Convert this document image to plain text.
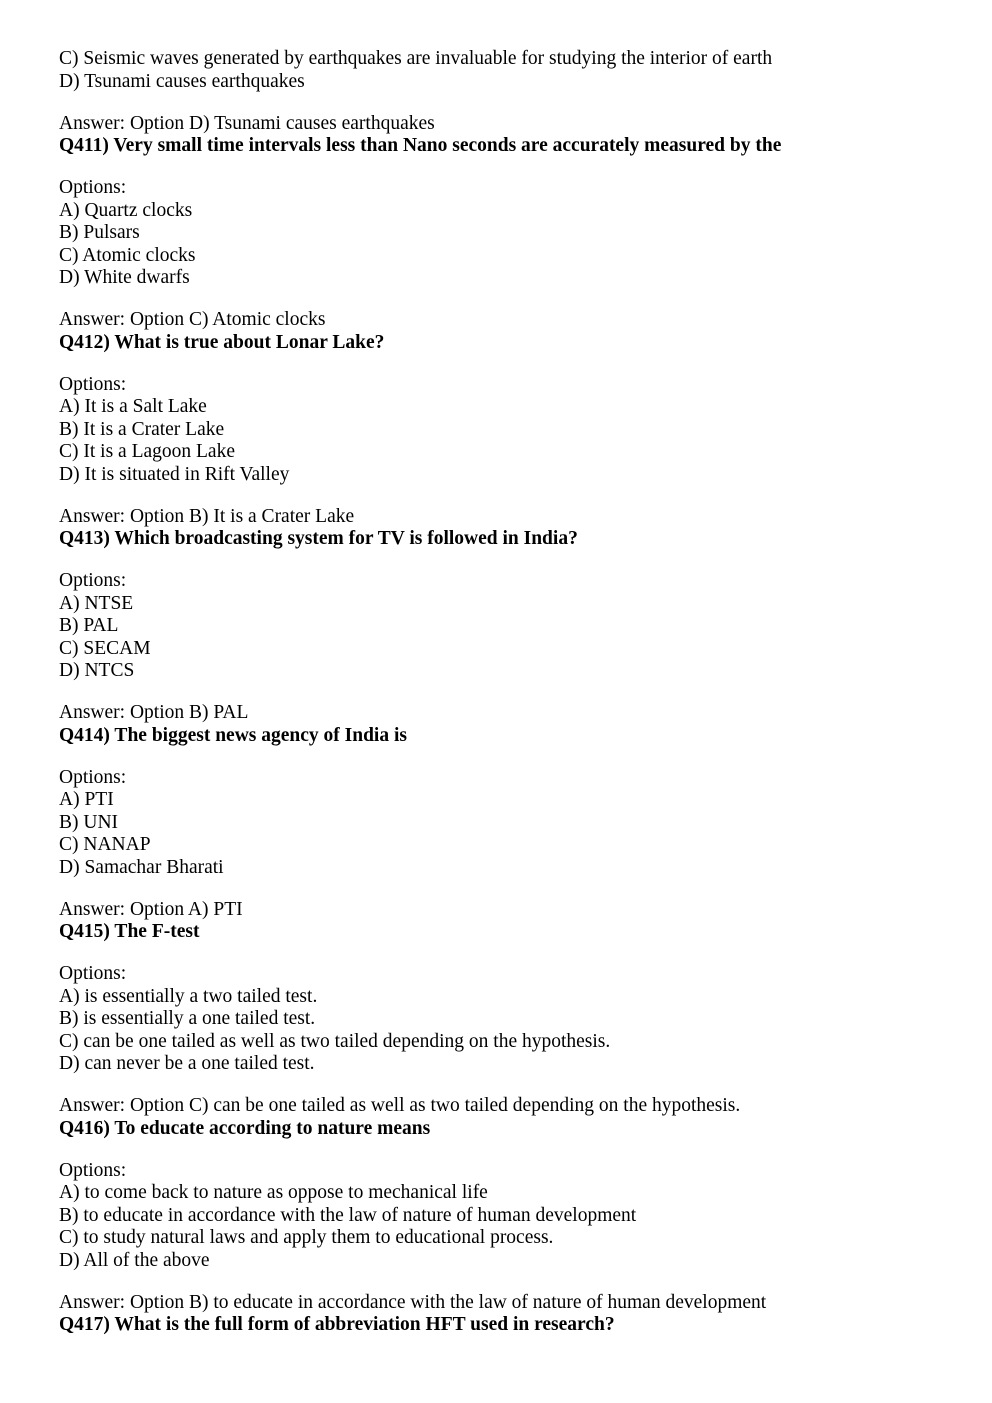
C) Seismic waves generated by earthquakes are invaluable for studying the interior of earth
D) Tsunami causes earthquakes
Answer: Option D) Tsunami causes earthquakes
Q411) Very small time intervals less than Nano seconds are accurately measured by the
Options:
A) Quartz clocks
B) Pulsars
C) Atomic clocks
D) White dwarfs
Answer: Option C) Atomic clocks
Q412) What is true about Lonar Lake?
Options:
A) It is a Salt Lake
B) It is a Crater Lake
C) It is a Lagoon Lake
D) It is situated in Rift Valley
Answer: Option B) It is a Crater Lake
Q413) Which broadcasting system for TV is followed in India?
Options:
A) NTSE
B) PAL
C) SECAM
D) NTCS
Answer: Option B) PAL
Q414) The biggest news agency of India is
Options:
A) PTI
B) UNI
C) NANAP
D) Samachar Bharati
Answer: Option A) PTI
Q415) The F-test
Options:
A) is essentially a two tailed test.
B) is essentially a one tailed test.
C) can be one tailed as well as two tailed depending on the hypothesis.
D) can never be a one tailed test.
Answer: Option C) can be one tailed as well as two tailed depending on the hypothesis.
Q416) To educate according to nature means
Options:
A) to come back to nature as oppose to mechanical life
B) to educate in accordance with the law of nature of human development
C) to study natural laws and apply them to educational process.
D) All of the above
Answer: Option B) to educate in accordance with the law of nature of human development
Q417) What is the full form of abbreviation HFT used in research?
